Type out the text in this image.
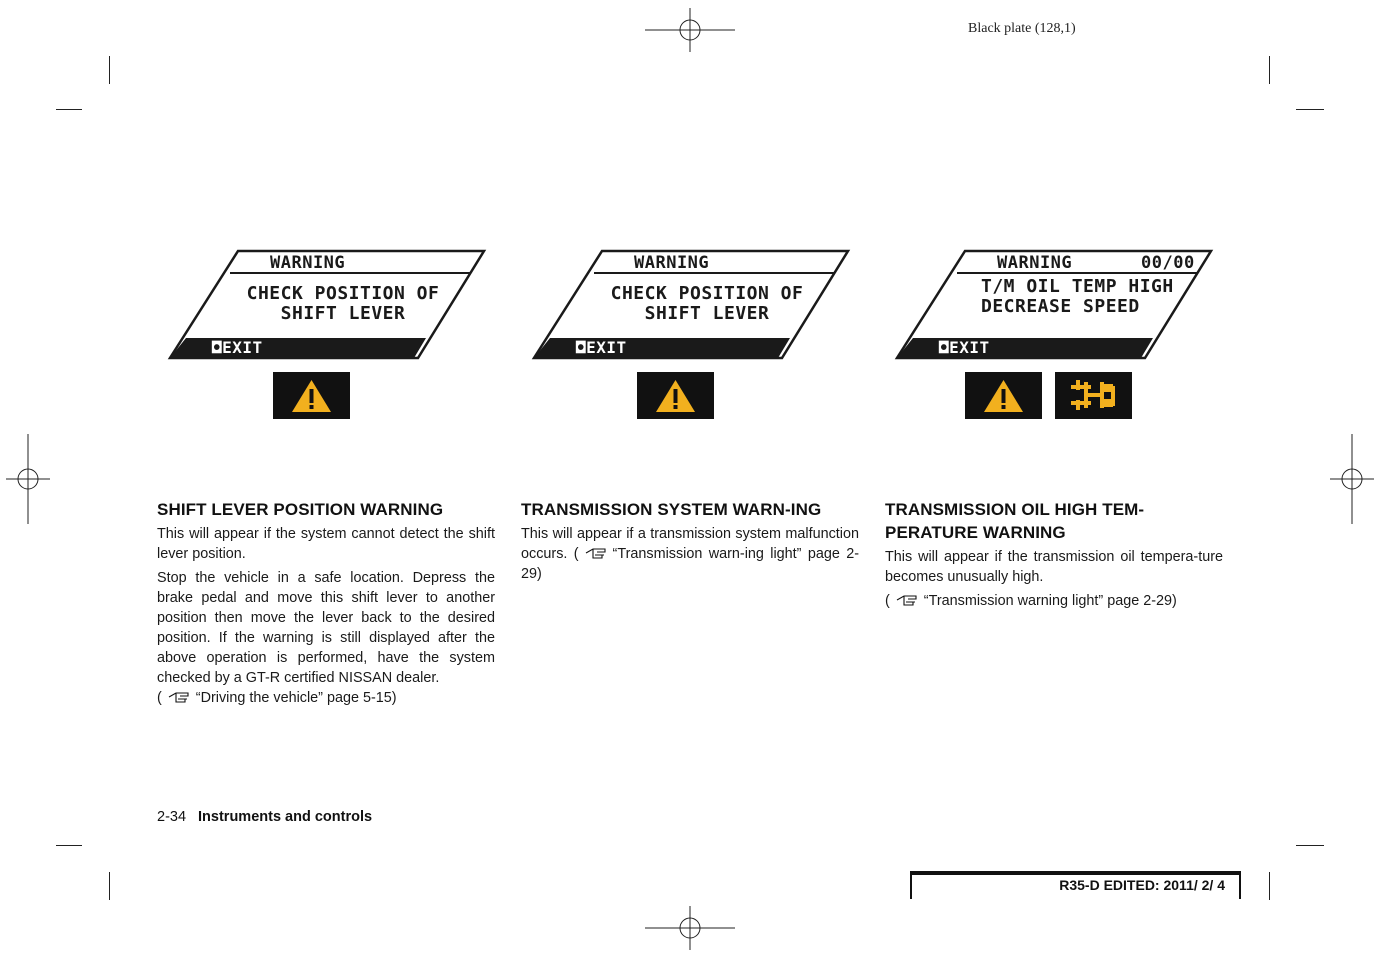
Black plate (128,1)
WARNING
CHECK POSITION OF
SHIFT LEVER
◘EXIT
WARNING
CHECK POSITION OF
SHIFT LEVER
◘EXIT
WARNING	00/00
T/M OIL TEMP HIGH
DECREASE SPEED
◘EXIT
SHIFT LEVER POSITION WARNING

This will appear if the system cannot detect the shift lever position.

Stop the vehicle in a safe location. Depress the brake pedal and move this shift lever to another position then move the lever back to the desired position. If the warning is still displayed after the above operation is performed, have the system checked by a GT-R certified NISSAN dealer.

( “Driving the vehicle” page 5-15)

TRANSMISSION SYSTEM WARN-ING

This will appear if a transmission system malfunction occurs. ( “Transmission warn-ing light” page 2-29)

TRANSMISSION OIL HIGH TEM-PERATURE WARNING

This will appear if the transmission oil tempera-ture becomes unusually high.

( “Transmission warning light” page 2-29)

2-34 Instruments and controls
R35-D EDITED: 2011/ 2/ 4
